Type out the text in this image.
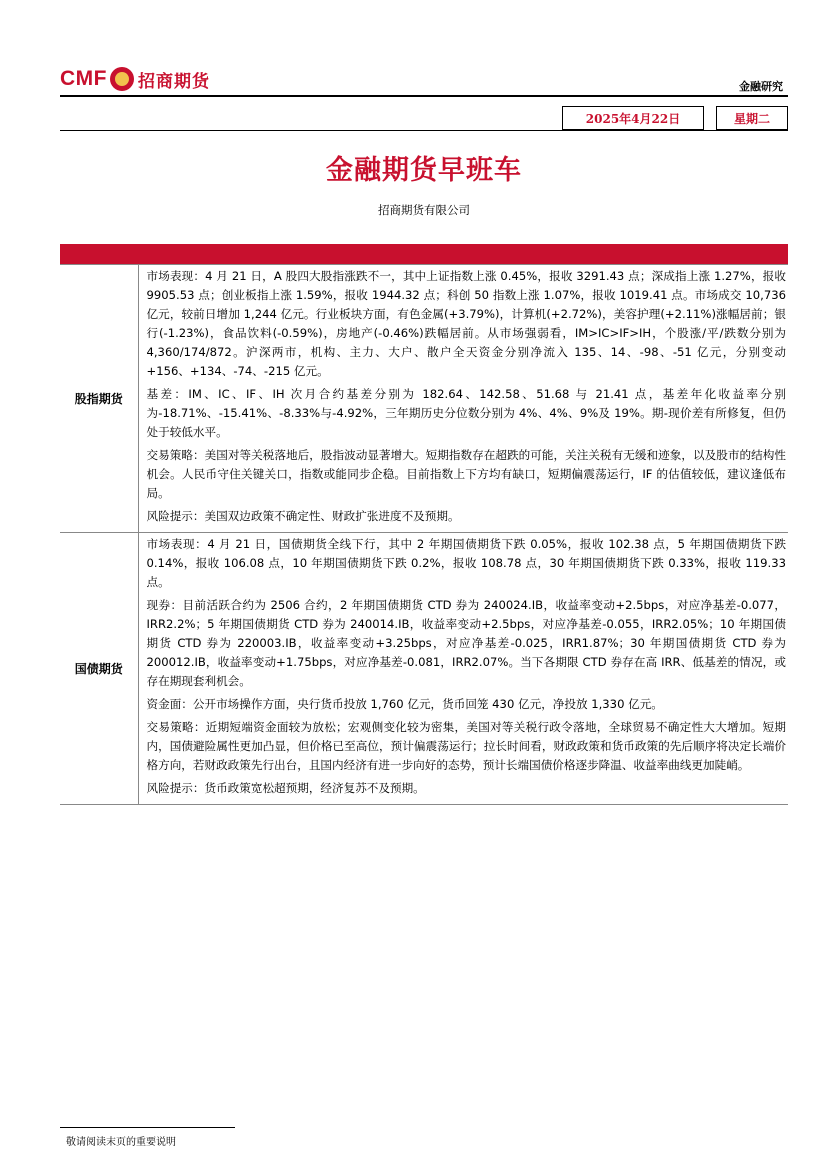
CMF 招商期货	金融研究
2025年4月22日	星期二
金融期货早班车
招商期货有限公司
股指期货	市场表现：4 月 21 日，A 股四大股指涨跌不一，其中上证指数上涨 0.45%，报收 3291.43 点；深成指上涨 1.27%，报收 9905.53 点；创业板指上涨 1.59%，报收 1944.32 点；科创 50 指数上涨 1.07%，报收 1019.41 点。市场成交 10,736 亿元，较前日增加 1,244 亿元。行业板块方面，有色金属(+3.79%)，计算机(+2.72%)，美容护理(+2.11%)涨幅居前；银行(-1.23%)，食品饮料(-0.59%)，房地产(-0.46%)跌幅居前。从市场强弱看，IM>IC>IF>IH，个股涨/平/跌数分别为 4,360/174/872。沪深两市，机构、主力、大户、散户全天资金分别净流入 135、14、-98、-51 亿元，分别变动+156、+134、-74、-215 亿元。

基差：IM、IC、IF、IH 次月合约基差分别为 182.64、142.58、51.68 与 21.41 点，基差年化收益率分别为-18.71%、-15.41%、-8.33%与-4.92%，三年期历史分位数分别为 4%、4%、9%及 19%。期-现价差有所修复，但仍处于较低水平。

交易策略：美国对等关税落地后，股指波动显著增大。短期指数存在超跌的可能，关注关税有无缓和迹象，以及股市的结构性机会。人民币守住关键关口，指数或能同步企稳。目前指数上下方均有缺口，短期偏震荡运行，IF 的估值较低，建议逢低布局。

风险提示：美国双边政策不确定性、财政扩张进度不及预期。

国债期货	市场表现：4 月 21 日，国债期货全线下行，其中 2 年期国债期货下跌 0.05%，报收 102.38 点，5 年期国债期货下跌 0.14%，报收 106.08 点，10 年期国债期货下跌 0.2%，报收 108.78 点，30 年期国债期货下跌 0.33%，报收 119.33 点。

现券：目前活跃合约为 2506 合约，2 年期国债期货 CTD 券为 240024.IB，收益率变动+2.5bps，对应净基差-0.077，IRR2.2%；5 年期国债期货 CTD 券为 240014.IB，收益率变动+2.5bps，对应净基差-0.055，IRR2.05%；10 年期国债期货 CTD 券为 220003.IB，收益率变动+3.25bps，对应净基差-0.025，IRR1.87%；30 年期国债期货 CTD 券为 200012.IB，收益率变动+1.75bps，对应净基差-0.081，IRR2.07%。当下各期限 CTD 券存在高 IRR、低基差的情况，或存在期现套利机会。

资金面：公开市场操作方面，央行货币投放 1,760 亿元，货币回笼 430 亿元，净投放 1,330 亿元。

交易策略：近期短端资金面较为放松；宏观侧变化较为密集，美国对等关税行政令落地，全球贸易不确定性大大增加。短期内，国债避险属性更加凸显，但价格已至高位，预计偏震荡运行；拉长时间看，财政政策和货币政策的先后顺序将决定长端价格方向，若财政政策先行出台，且国内经济有进一步向好的态势，预计长端国债价格逐步降温、收益率曲线更加陡峭。

风险提示：货币政策宽松超预期，经济复苏不及预期。

敬请阅读末页的重要说明
